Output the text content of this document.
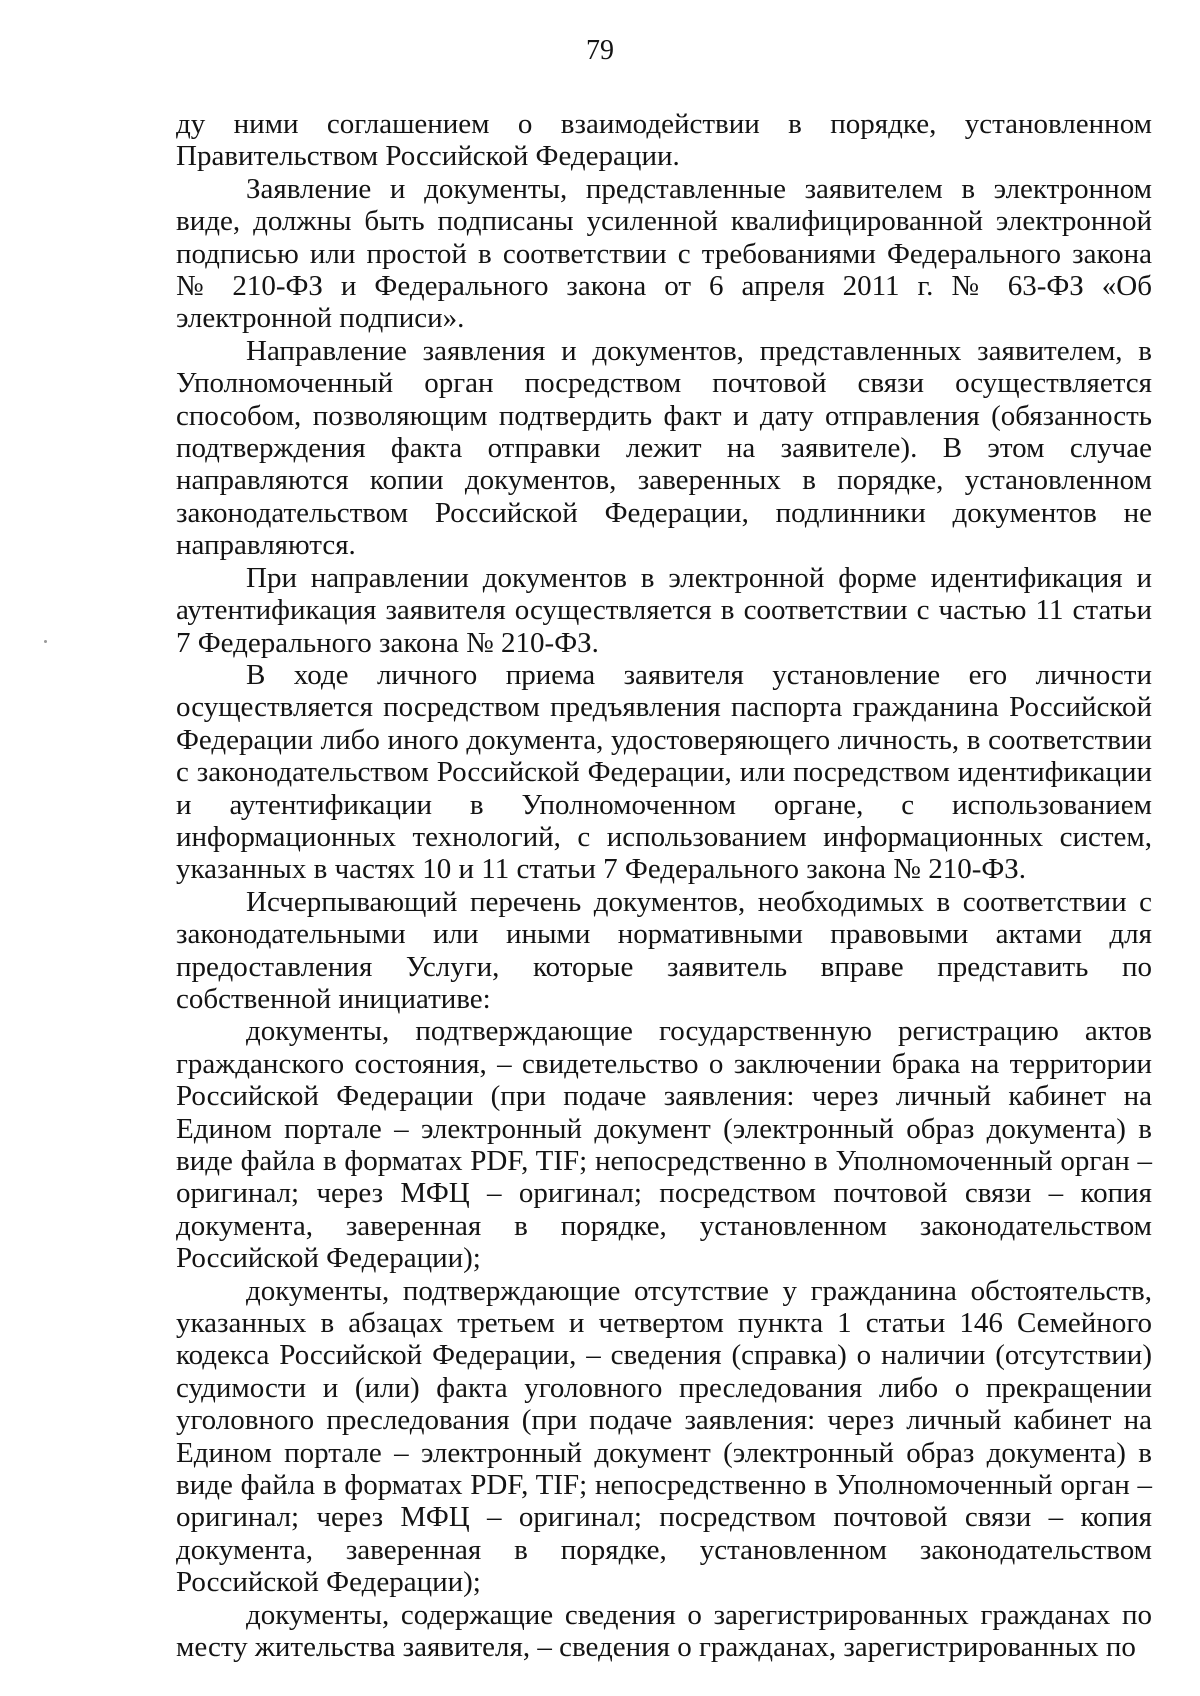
79

ду ними соглашением о взаимодействии в порядке, установленном Правительством Российской Федерации.

Заявление и документы, представленные заявителем в электронном виде, должны быть подписаны усиленной квалифицированной электронной подписью или простой в соответствии с требованиями Федерального закона № 210-ФЗ и Федерального закона от 6 апреля 2011 г. № 63-ФЗ «Об электронной подписи».

Направление заявления и документов, представленных заявителем, в Уполномоченный орган посредством почтовой связи осуществляется способом, позволяющим подтвердить факт и дату отправления (обязанность подтверждения факта отправки лежит на заявителе). В этом случае направляются копии документов, заверенных в порядке, установленном законодательством Российской Федерации, подлинники документов не направляются.

При направлении документов в электронной форме идентификация и аутентификация заявителя осуществляется в соответствии с частью 11 статьи 7 Федерального закона № 210-ФЗ.

В ходе личного приема заявителя установление его личности осуществляется посредством предъявления паспорта гражданина Российской Федерации либо иного документа, удостоверяющего личность, в соответствии с законодательством Российской Федерации, или посредством идентификации и аутентификации в Уполномоченном органе, с использованием информационных технологий, с использованием информационных систем, указанных в частях 10 и 11 статьи 7 Федерального закона № 210-ФЗ.

Исчерпывающий перечень документов, необходимых в соответствии с законодательными или иными нормативными правовыми актами для предоставления Услуги, которые заявитель вправе представить по собственной инициативе:

документы, подтверждающие государственную регистрацию актов гражданского состояния, – свидетельство о заключении брака на территории Российской Федерации (при подаче заявления: через личный кабинет на Едином портале – электронный документ (электронный образ документа) в виде файла в форматах PDF, TIF; непосредственно в Уполномоченный орган – оригинал; через МФЦ – оригинал; посредством почтовой связи – копия документа, заверенная в порядке, установленном законодательством Российской Федерации);

документы, подтверждающие отсутствие у гражданина обстоятельств, указанных в абзацах третьем и четвертом пункта 1 статьи 146 Семейного кодекса Российской Федерации, – сведения (справка) о наличии (отсутствии) судимости и (или) факта уголовного преследования либо о прекращении уголовного преследования (при подаче заявления: через личный кабинет на Едином портале – электронный документ (электронный образ документа) в виде файла в форматах PDF, TIF; непосредственно в Уполномоченный орган – оригинал; через МФЦ – оригинал; посредством почтовой связи – копия документа, заверенная в порядке, установленном законодательством Российской Федерации);

документы, содержащие сведения о зарегистрированных гражданах по месту жительства заявителя, – сведения о гражданах, зарегистрированных по
